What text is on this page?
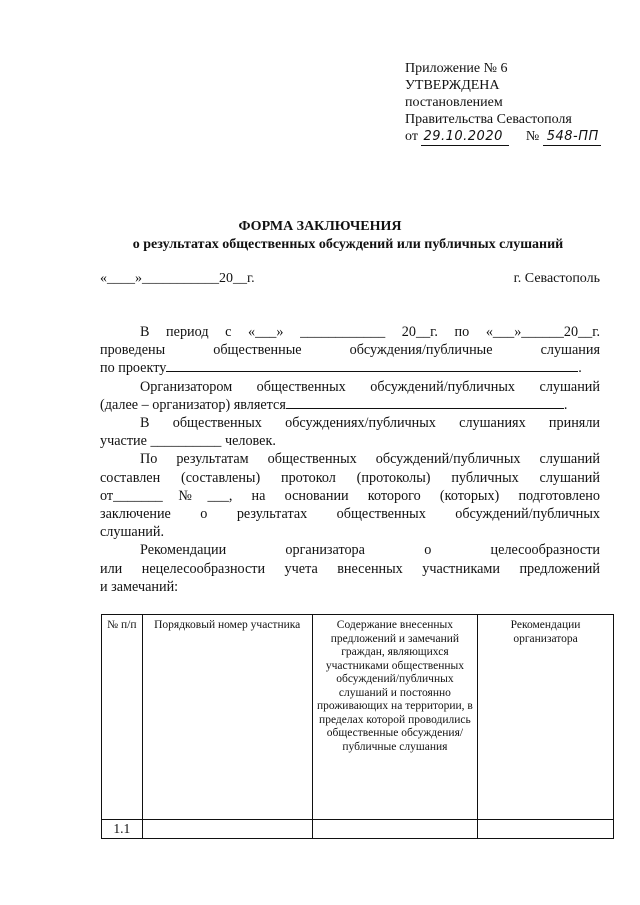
Приложение № 6
УТВЕРЖДЕНА
постановлением
Правительства Севастополя
от 29.10.2020 № 548-ПП
ФОРМА ЗАКЛЮЧЕНИЯ
о результатах общественных обсуждений или публичных слушаний
«____»___________20__г.	г. Севастополь

В период с «___» ____________ 20__г. по «___»______20__г.

проведены общественные обсуждения/публичные слушания

по проекту	.

Организатором общественных обсуждений/публичных слушаний

(далее – организатор) является	.

В общественных обсуждениях/публичных слушаниях приняли

участие __________ человек.

По результатам общественных обсуждений/публичных слушаний

составлен (составлены) протокол (протоколы) публичных слушаний

от_______№___, на основании которого (которых) подготовлено

заключение о результатах общественных обсуждений/публичных

слушаний.

Рекомендации организатора о целесообразности

или нецелесообразности учета внесенных участниками предложений

и замечаний:

№ п/п	Порядковый номер участника	Содержание внесенных предложений и замечаний граждан, являющихся участниками общественных обсуждений/публичных слушаний и постоянно проживающих на территории, в пределах которой проводились общественные обсуждения/публичные слушания	Рекомендации организатора
1.1			
